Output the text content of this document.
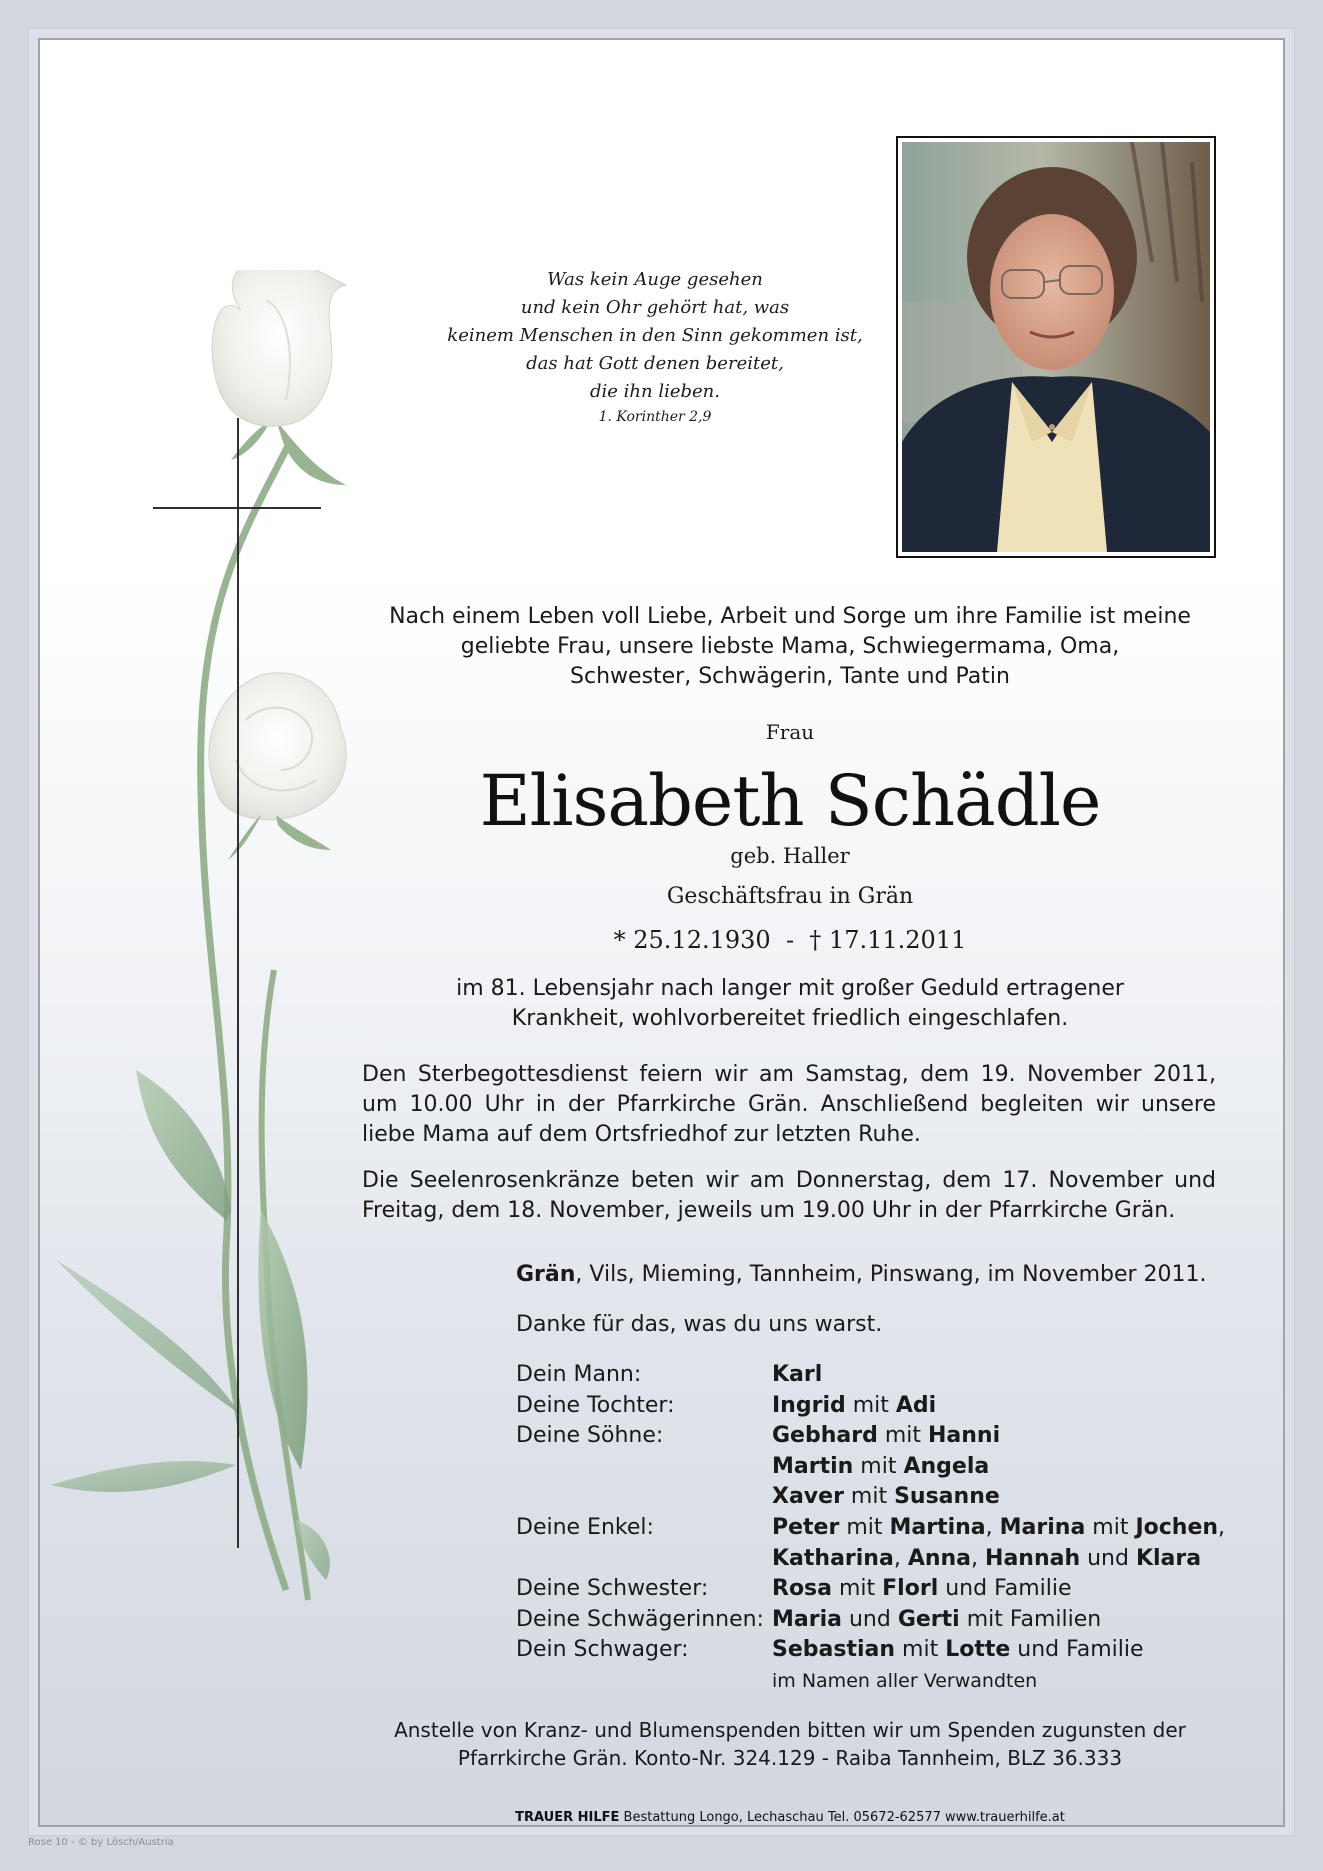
Was kein Auge gesehen
und kein Ohr gehört hat, was
keinem Menschen in den Sinn gekommen ist,
das hat Gott denen bereitet,
die ihn lieben.
1. Korinther 2,9
Nach einem Leben voll Liebe, Arbeit und Sorge um ihre Familie ist meine
geliebte Frau, unsere liebste Mama, Schwiegermama, Oma,
Schwester, Schwägerin, Tante und Patin
Frau
Elisabeth Schädle
geb. Haller
Geschäftsfrau in Grän
* 25.12.1930  -  † 17.11.2011
im 81. Lebensjahr nach langer mit großer Geduld ertragener
Krankheit, wohlvorbereitet friedlich eingeschlafen.
Den Sterbegottesdienst feiern wir am Samstag, dem 19. November 2011, um 10.00 Uhr in der Pfarrkirche Grän. Anschließend begleiten wir unsere liebe Mama auf dem Ortsfriedhof zur letzten Ruhe.
Die Seelenrosenkränze beten wir am Donnerstag, dem 17. November und Freitag, dem 18. November, jeweils um 19.00 Uhr in der Pfarrkirche Grän.
Grän, Vils, Mieming, Tannheim, Pinswang, im November 2011.
Danke für das, was du uns warst.
Dein Mann:	Karl
Deine Tochter:	Ingrid mit Adi
Deine Söhne:	Gebhard mit Hanni
Martin mit Angela
Xaver mit Susanne
Deine Enkel:	Peter mit Martina, Marina mit Jochen,
Katharina, Anna, Hannah und Klara
Deine Schwester:	Rosa mit Florl und Familie
Deine Schwägerinnen: Maria und Gerti mit Familien
Dein Schwager:	Sebastian mit Lotte und Familie
im Namen aller Verwandten
Anstelle von Kranz- und Blumenspenden bitten wir um Spenden zugunsten der
Pfarrkirche Grän. Konto-Nr. 324.129 - Raiba Tannheim, BLZ 36.333
TRAUER HILFE Bestattung Longo, Lechaschau Tel. 05672-62577 www.trauerhilfe.at
Rose 10 - © by Lösch/Austria
